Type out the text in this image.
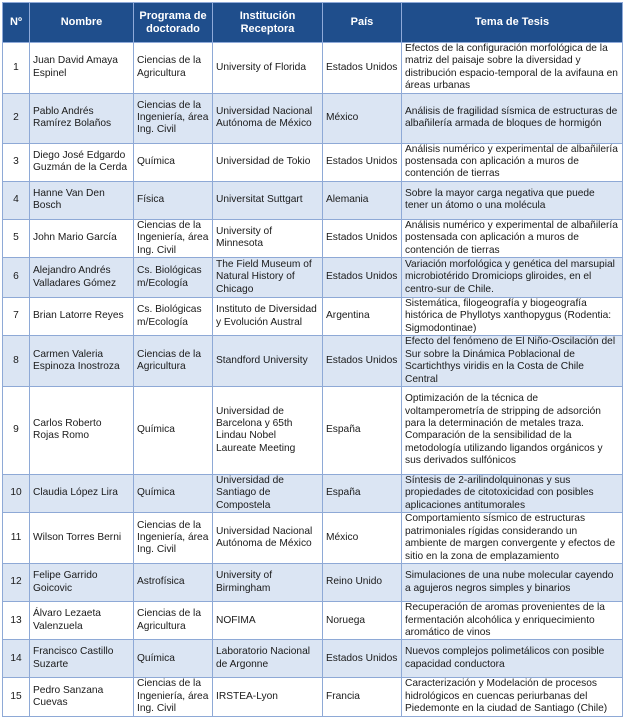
Nº	Nombre	Programa de doctorado	Institución Receptora	País	Tema de Tesis
1	Juan David Amaya Espinel	Ciencias de la Agricultura	University of Florida	Estados Unidos	Efectos de la configuración morfológica de la matriz del paisaje sobre la diversidad y distribución espacio-temporal de la avifauna en áreas urbanas
2	Pablo Andrés Ramírez Bolaños	Ciencias de la Ingeniería, área Ing. Civil	Universidad Nacional Autónoma de México	México	Análisis de fragilidad sísmica de estructuras de albañilería armada de bloques de hormigón
3	Diego José Edgardo Guzmán de la Cerda	Química	Universidad de Tokio	Estados Unidos	Análisis numérico y experimental de albañilería postensada con aplicación a muros de contención de tierras
4	Hanne Van Den Bosch	Física	Universitat Suttgart	Alemania	Sobre la mayor carga negativa que puede tener un átomo o una molécula
5	John Mario García	Ciencias de la Ingeniería, área Ing. Civil	University of Minnesota	Estados Unidos	Análisis numérico y experimental de albañilería postensada con aplicación a muros de contención de tierras
6	Alejandro Andrés Valladares Gómez	Cs. Biológicas m/Ecología	The Field Museum of Natural History of Chicago	Estados Unidos	Variación morfológica y genética del marsupial microbiotérido Dromiciops gliroides, en el centro-sur de Chile.
7	Brian Latorre Reyes	Cs. Biológicas m/Ecología	Instituto de Diversidad y Evolución Austral	Argentina	Sistemática, filogeografía y biogeografía histórica de Phyllotys xanthopygus (Rodentia: Sigmodontinae)
8	Carmen Valeria Espinoza Inostroza	Ciencias de la Agricultura	Standford University	Estados Unidos	Efecto del fenómeno de El Niño-Oscilación del Sur sobre la Dinámica Poblacional de Scartichthys viridis en la Costa de Chile Central
9	Carlos Roberto Rojas Romo	Química	Universidad de Barcelona y 65th Lindau Nobel Laureate Meeting	España	Optimización de la técnica de voltamperometría de stripping de adsorción para la determinación de metales traza. Comparación de la sensibilidad de la metodología utilizando ligandos orgánicos y sus derivados sulfónicos
10	Claudia López Lira	Química	Universidad de Santiago de Compostela	España	Síntesis de 2-arilindolquinonas y sus propiedades de citotoxicidad con posibles aplicaciones antitumorales
11	Wilson Torres Berni	Ciencias de la Ingeniería, área Ing. Civil	Universidad Nacional Autónoma de México	México	Comportamiento sísmico de estructuras patrimoniales rígidas considerando un ambiente de margen convergente y efectos de sitio en la zona de emplazamiento
12	Felipe Garrido Goicovic	Astrofísica	University of Birmingham	Reino Unido	Simulaciones de una nube molecular cayendo a agujeros negros simples y binarios
13	Álvaro Lezaeta Valenzuela	Ciencias de la Agricultura	NOFIMA	Noruega	Recuperación de aromas provenientes de la fermentación alcohólica y enriquecimiento aromático de vinos
14	Francisco Castillo Suzarte	Química	Laboratorio Nacional de Argonne	Estados Unidos	Nuevos complejos polimetálicos con posible capacidad conductora
15	Pedro Sanzana Cuevas	Ciencias de la Ingeniería, área Ing. Civil	IRSTEA-Lyon	Francia	Caracterización y Modelación de procesos hidrológicos en cuencas periurbanas del Piedemonte en la ciudad de Santiago (Chile)
